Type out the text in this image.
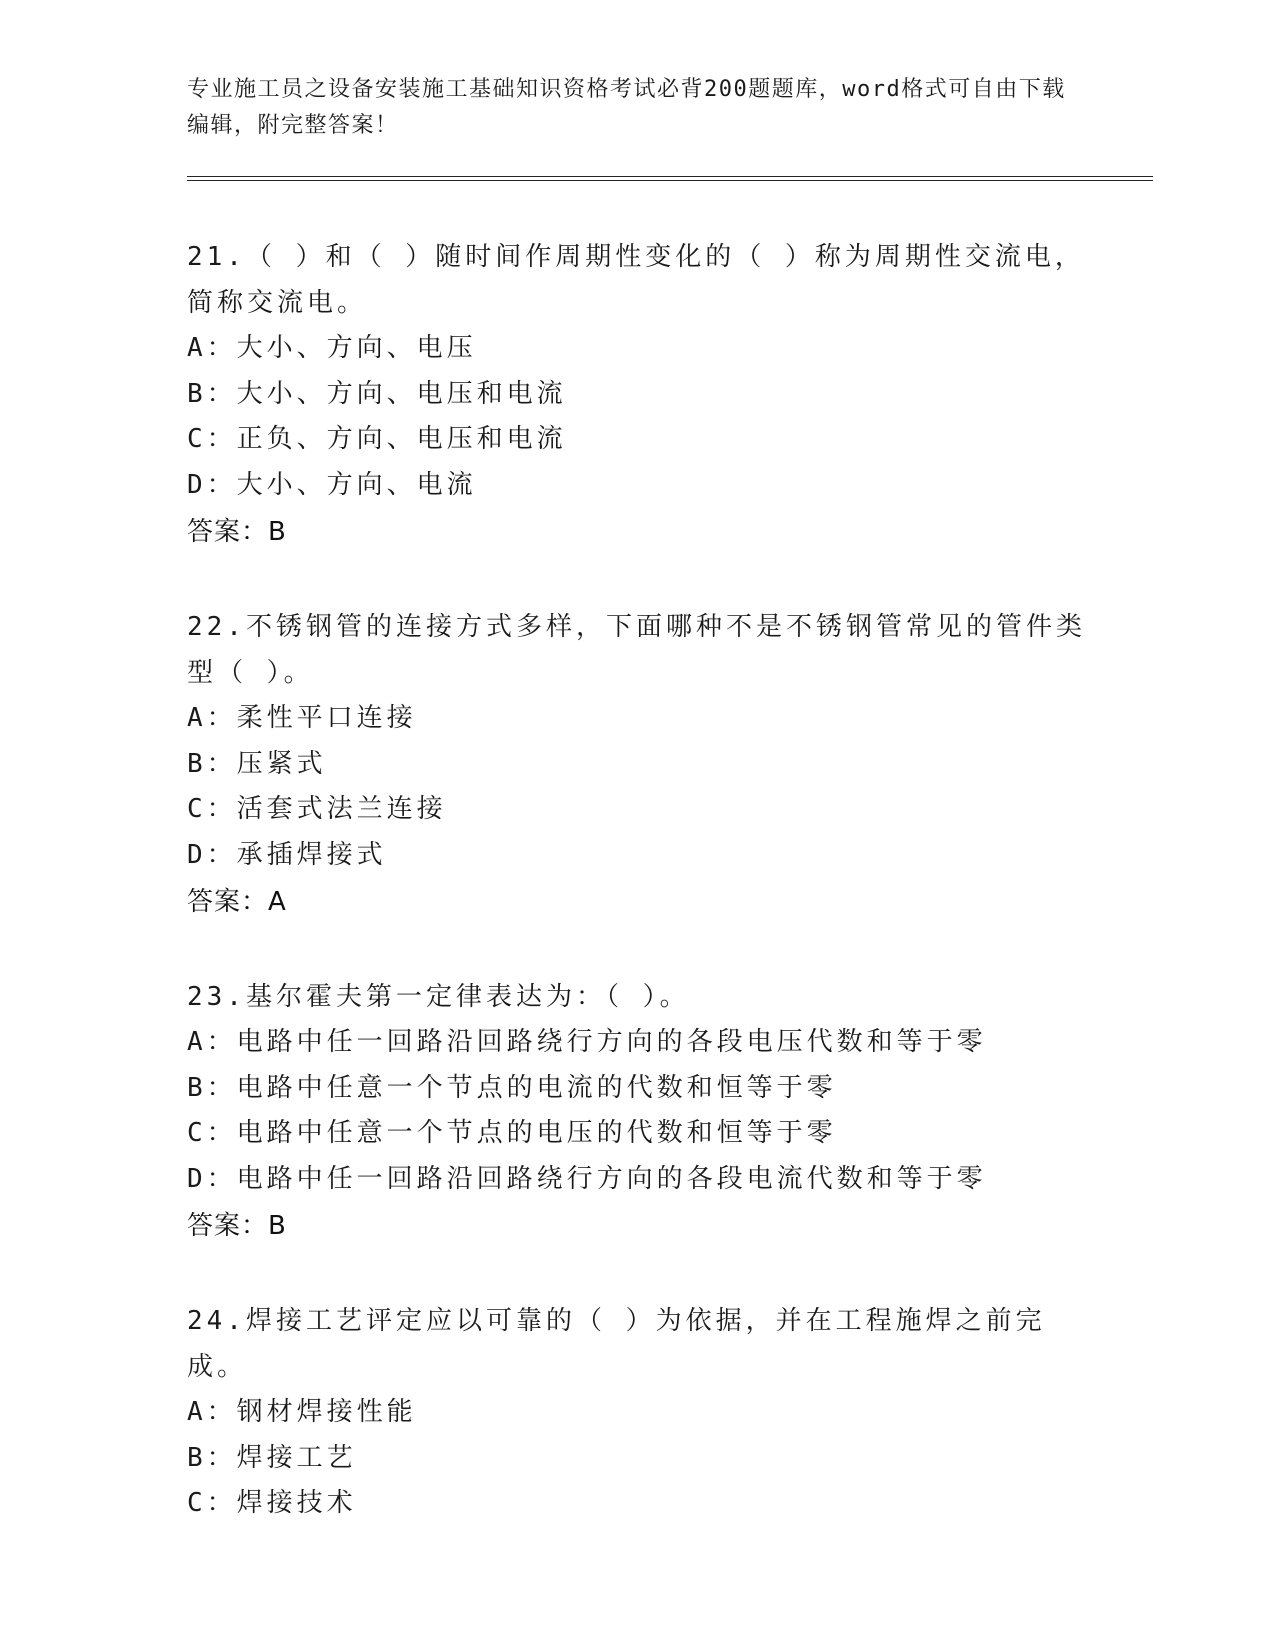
专业施工员之设备安装施工基础知识资格考试必背200题题库，word格式可自由下载编辑，附完整答案！
21.（ ）和（ ）随时间作周期性变化的（ ）称为周期性交流电，简称交流电。
A：大小、方向、电压
B：大小、方向、电压和电流
C：正负、方向、电压和电流
D：大小、方向、电流
答案：B
22.不锈钢管的连接方式多样，下面哪种不是不锈钢管常见的管件类型（ ）。
A：柔性平口连接
B：压紧式
C：活套式法兰连接
D：承插焊接式
答案：A
23.基尔霍夫第一定律表达为：（ ）。
A：电路中任一回路沿回路绕行方向的各段电压代数和等于零
B：电路中任意一个节点的电流的代数和恒等于零
C：电路中任意一个节点的电压的代数和恒等于零
D：电路中任一回路沿回路绕行方向的各段电流代数和等于零
答案：B
24.焊接工艺评定应以可靠的（ ）为依据，并在工程施焊之前完成。
A：钢材焊接性能
B：焊接工艺
C：焊接技术
